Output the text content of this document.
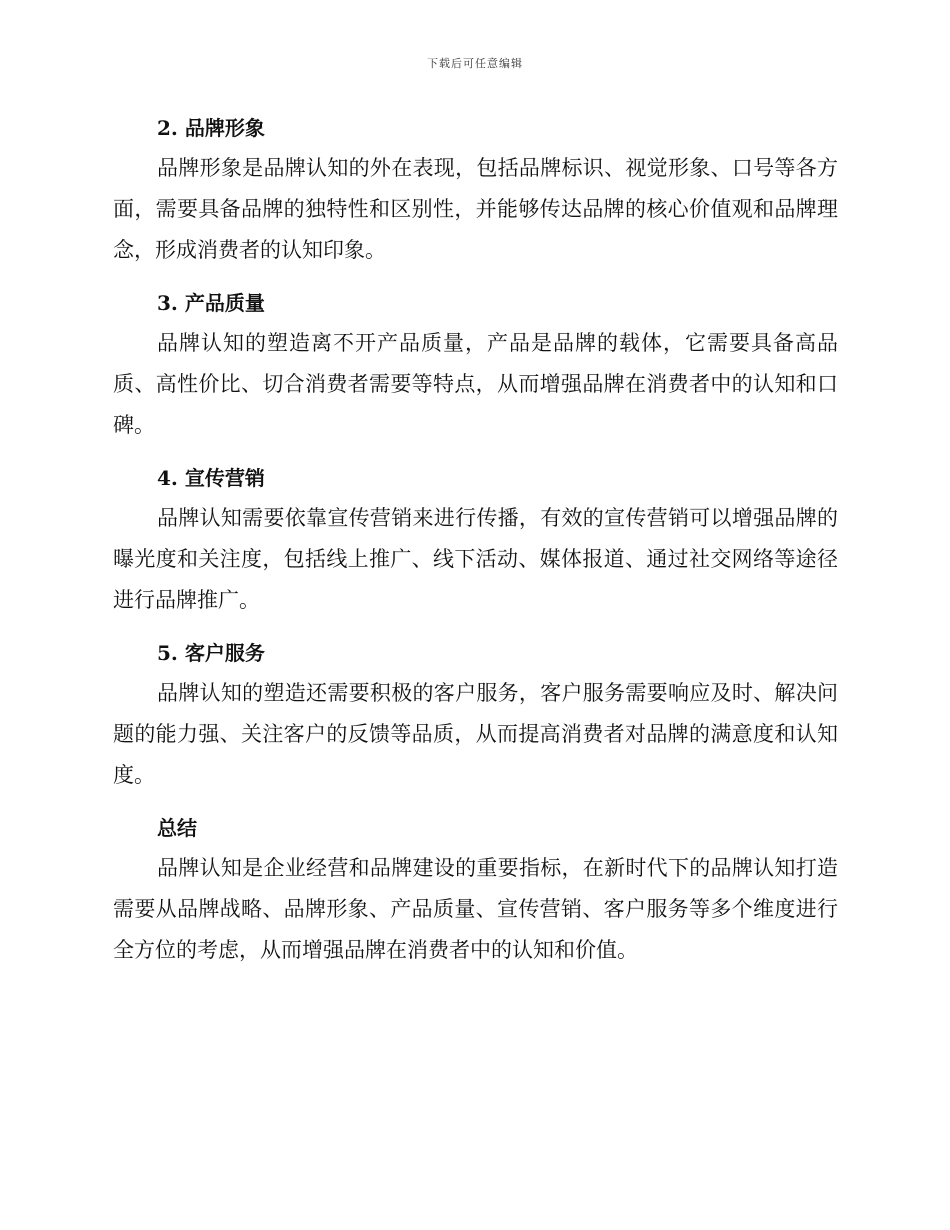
下载后可任意编辑
2. 品牌形象

品牌形象是品牌认知的外在表现，包括品牌标识、视觉形象、口号等各方面，需要具备品牌的独特性和区别性，并能够传达品牌的核心价值观和品牌理念，形成消费者的认知印象。

3. 产品质量

品牌认知的塑造离不开产品质量，产品是品牌的载体，它需要具备高品质、高性价比、切合消费者需要等特点，从而增强品牌在消费者中的认知和口碑。

4. 宣传营销

品牌认知需要依靠宣传营销来进行传播，有效的宣传营销可以增强品牌的曝光度和关注度，包括线上推广、线下活动、媒体报道、通过社交网络等途径进行品牌推广。

5. 客户服务

品牌认知的塑造还需要积极的客户服务，客户服务需要响应及时、解决问题的能力强、关注客户的反馈等品质，从而提高消费者对品牌的满意度和认知度。

总结

品牌认知是企业经营和品牌建设的重要指标，在新时代下的品牌认知打造需要从品牌战略、品牌形象、产品质量、宣传营销、客户服务等多个维度进行全方位的考虑，从而增强品牌在消费者中的认知和价值。
